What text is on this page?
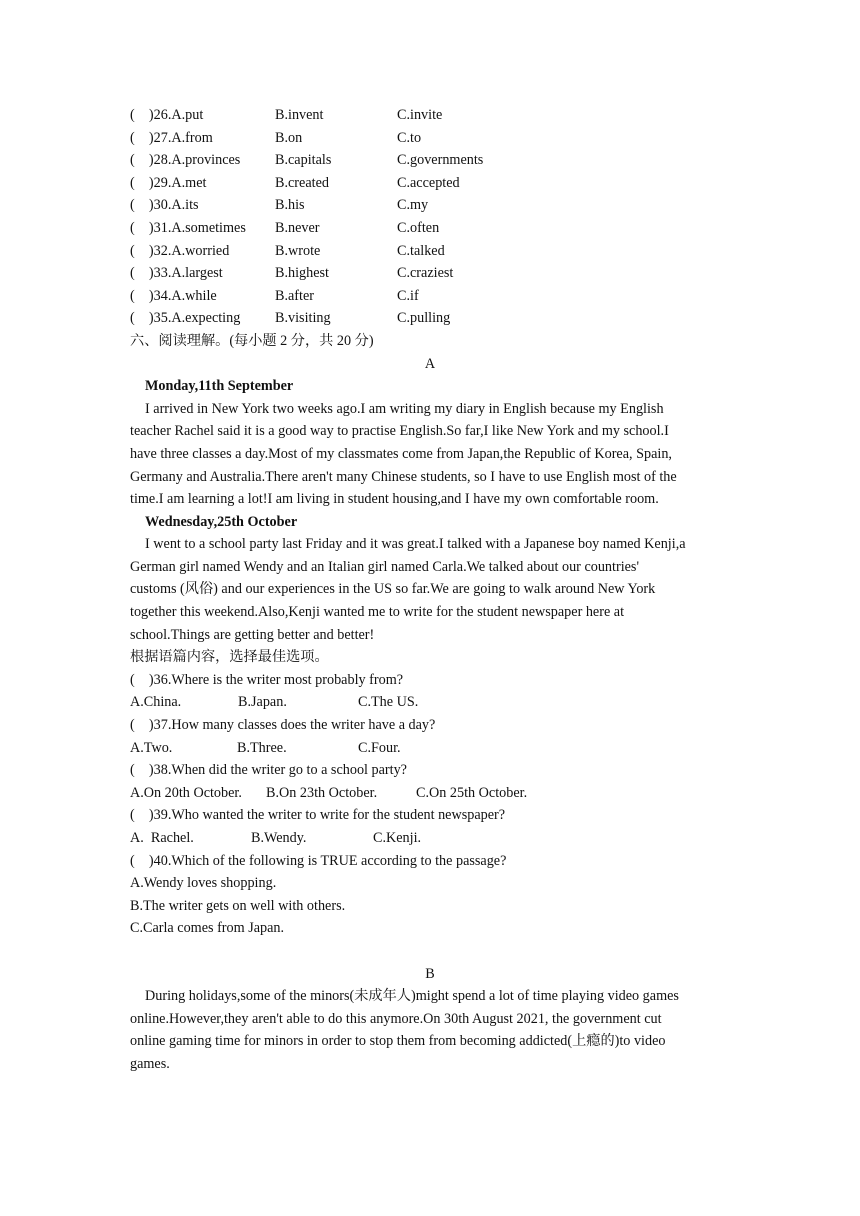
(    )26.A.put	B.invent	C.invite
(    )27.A.from	B.on	C.to
(    )28.A.provinces	B.capitals	C.governments
(    )29.A.met	B.created	C.accepted
(    )30.A.its	B.his	C.my
(    )31.A.sometimes	B.never	C.often
(    )32.A.worried	B.wrote	C.talked
(    )33.A.largest	B.highest	C.craziest
(    )34.A.while	B.after	C.if
(    )35.A.expecting	B.visiting	C.pulling
六、阅读理解。(每小题 2 分，共 20 分)
A
Monday,11th September
I arrived in New York two weeks ago.I am writing my diary in English because my English
teacher Rachel said it is a good way to practise English.So far,I like New York and my school.I
have three classes a day.Most of my classmates come from Japan,the Republic of Korea, Spain,
Germany and Australia.There aren't many Chinese students, so I have to use English most of the
time.I am learning a lot!I am living in student housing,and I have my own comfortable room.
Wednesday,25th October
I went to a school party last Friday and it was great.I talked with a Japanese boy named Kenji,a
German girl named Wendy and an Italian girl named Carla.We talked about our countries'
customs (风俗) and our experiences in the US so far.We are going to walk around New York
together this weekend.Also,Kenji wanted me to write for the student newspaper here at
school.Things are getting better and better!
根据语篇内容，选择最佳选项。
(    )36.Where is the writer most probably from?
A.China.	B.Japan.	C.The US.
(    )37.How many classes does the writer have a day?
A.Two.	B.Three.	C.Four.
(    )38.When did the writer go to a school party?
A.On 20th October.	B.On 23th October.	C.On 25th October.
(    )39.Who wanted the writer to write for the student newspaper?
A.  Rachel.	B.Wendy.	C.Kenji.
(    )40.Which of the following is TRUE according to the passage?
A.Wendy loves shopping.
B.The writer gets on well with others.
C.Carla comes from Japan.
B
During holidays,some of the minors(未成年人)might spend a lot of time playing video games
online.However,they aren't able to do this anymore.On 30th August 2021, the government cut
online gaming time for minors in order to stop them from becoming addicted(上瘾的)to video
games.
